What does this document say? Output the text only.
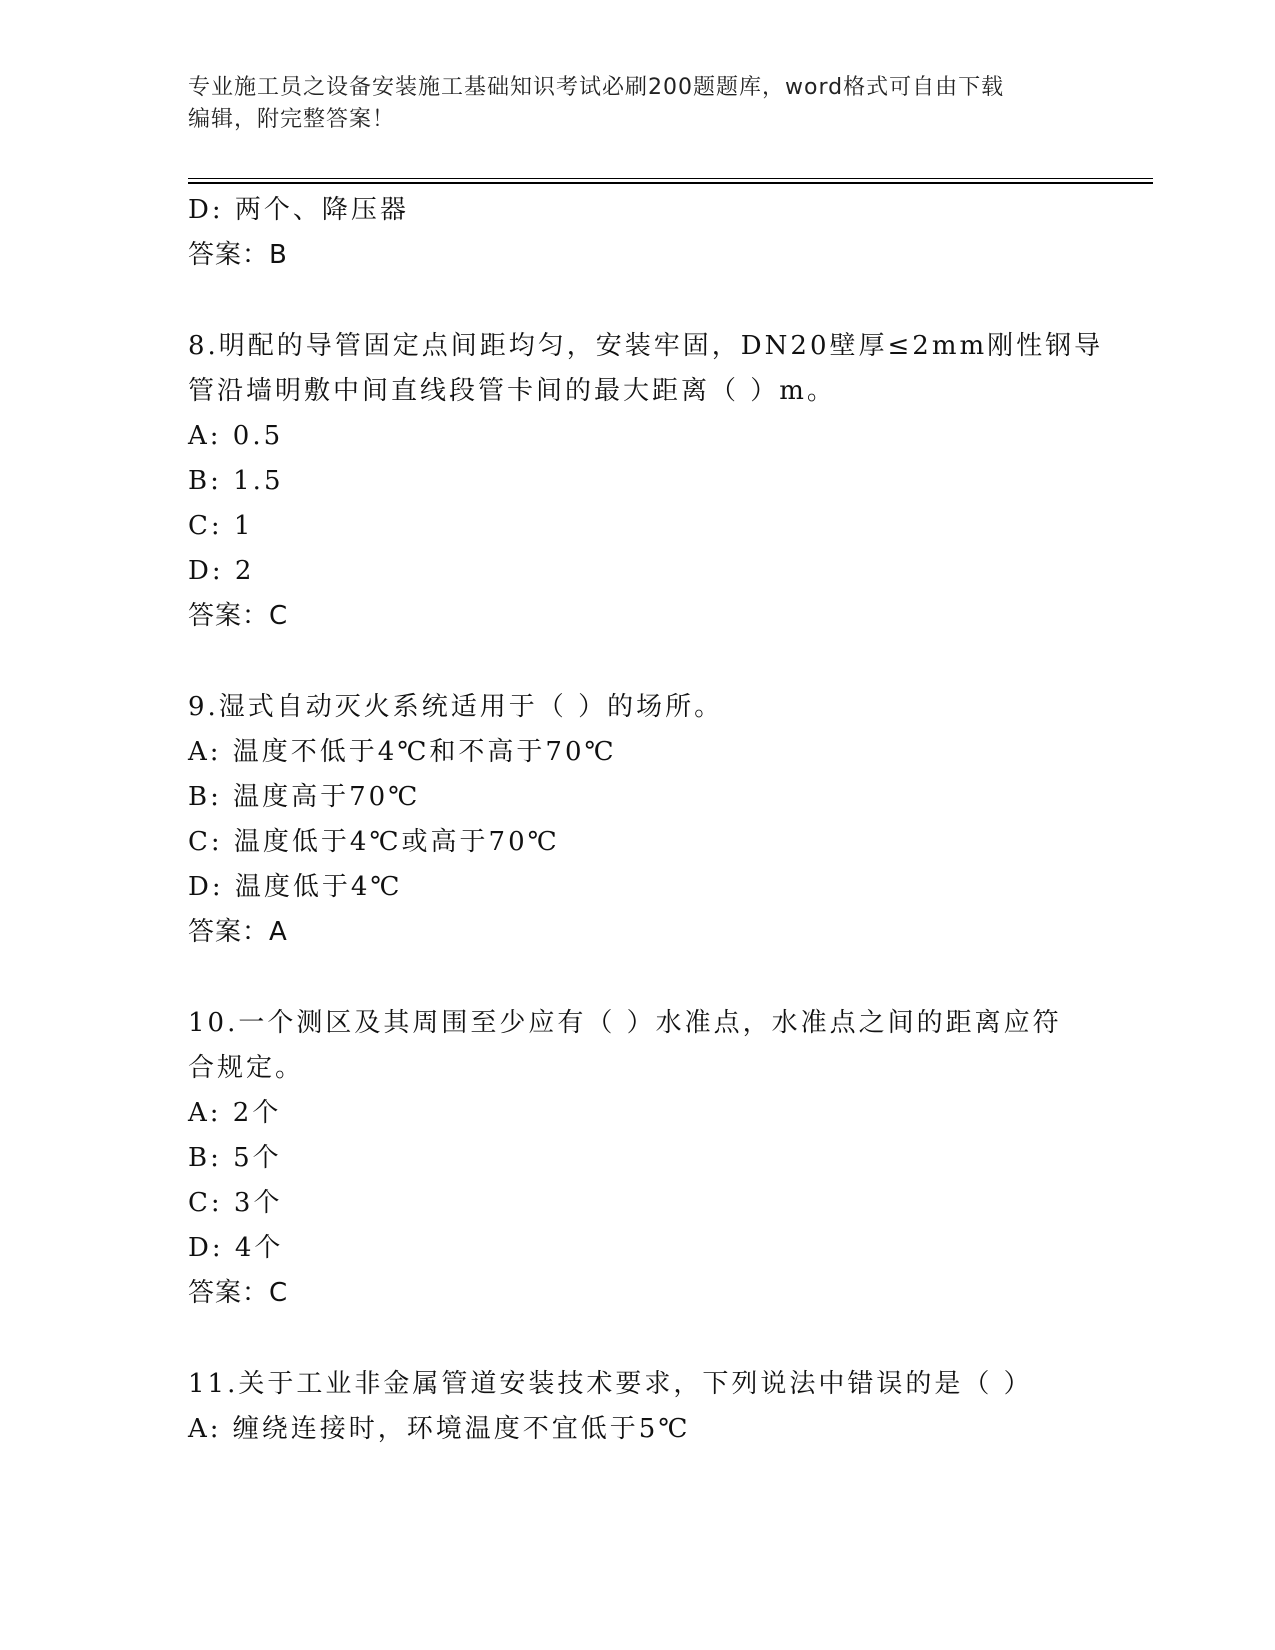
专业施工员之设备安装施工基础知识考试必刷200题题库，word格式可自由下载
编辑，附完整答案！
D: 两个、降压器
答案：B
8.明配的导管固定点间距均匀，安装牢固，DN20壁厚≤2mm刚性钢导
管沿墙明敷中间直线段管卡间的最大距离（ ）m。
A: 0.5
B: 1.5
C: 1
D: 2
答案：C
9.湿式自动灭火系统适用于（ ）的场所。
A: 温度不低于4℃和不高于70℃
B: 温度高于70℃
C: 温度低于4℃或高于70℃
D: 温度低于4℃
答案：A
10.一个测区及其周围至少应有（ ）水准点，水准点之间的距离应符
合规定。
A: 2个
B: 5个
C: 3个
D: 4个
答案：C
11.关于工业非金属管道安装技术要求，下列说法中错误的是（ ）
A: 缠绕连接时，环境温度不宜低于5℃
